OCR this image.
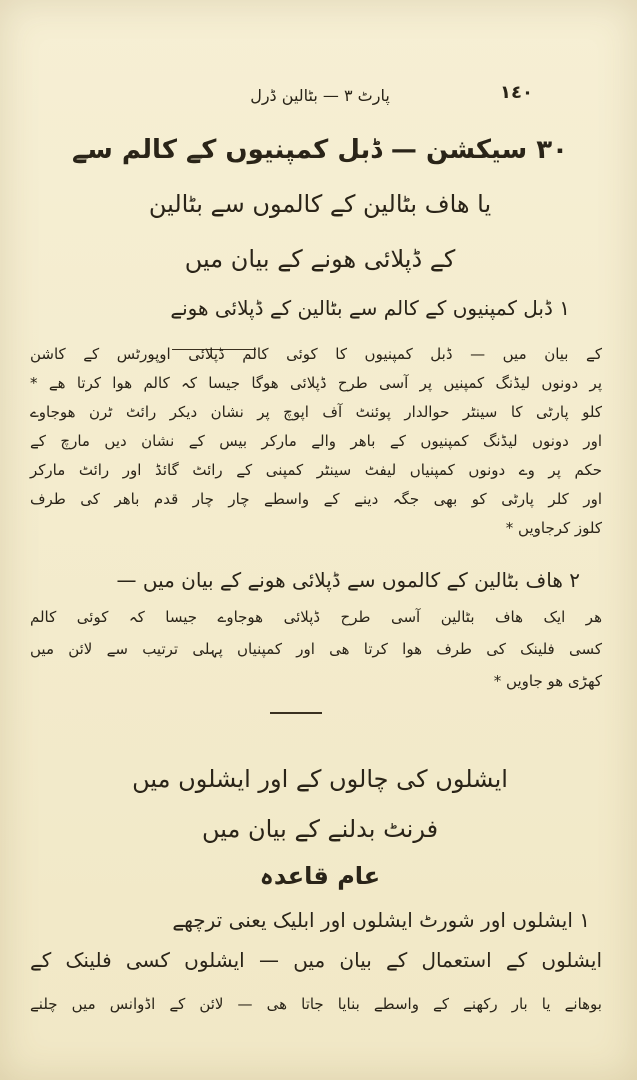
١٤٠
پارٹ ٣ — بٹالین ڈرل
٣٠ سیکشن — ڈبل کمپنیوں کے کالم سے
یا ھاف بٹالین کے کالموں سے بٹالین
کے ڈپلائی ھونے کے بیان میں
١ ڈبل کمپنیوں کے کالم سے بٹالین کے ڈپلائی ھونے
کے بیان میں — ڈبل کمپنیوں کا کوئی کالم ڈپلائی اوپورٹس کے کاشن
پر دونوں لیڈنگ کمپنیں پر آسی طرح ڈپلائی ھوگا جیسا کہ کالم ھوا کرتا ھے *
کلو پارٹی کا سینٹر حوالدار پوئنٹ آف اپوچ پر نشان دیکر رائٹ ٹرن ھوجاوے
اور دونوں لیڈنگ کمپنیوں کے باھر والے مارکر بیس کے نشان دیں مارچ کے
حکم پر وے دونوں کمپنیاں لیفٹ سینٹر کمپنی کے رائٹ گائڈ اور رائٹ مارکر
اور کلر پارٹی کو بھی جگہ دینے کے واسطے چار چار قدم باھر کی طرف
کلوز کرجاویں *
٢ ھاف بٹالین کے کالموں سے ڈپلائی ھونے کے بیان میں —
ھر ایک ھاف بٹالین آسی طرح ڈپلائی ھوجاوے جیسا کہ کوئی کالم
کسی فلینک کی طرف ھوا کرتا ھی اور کمپنیاں پہلی ترتیب سے لائن میں
کھڑی ھو جاویں *
ایشلوں کی چالوں کے اور ایشلوں میں
فرنٹ بدلنے کے بیان میں
عام قاعدہ
١ ایشلوں اور شورٹ ایشلوں اور ابلیک یعنی ترچھے
ایشلوں کے استعمال کے بیان میں — ایشلوں کسی فلینک کے
بوھانے یا بار رکھنے کے واسطے بنایا جاتا ھی — لائن کے اڈوانس میں چلنے
